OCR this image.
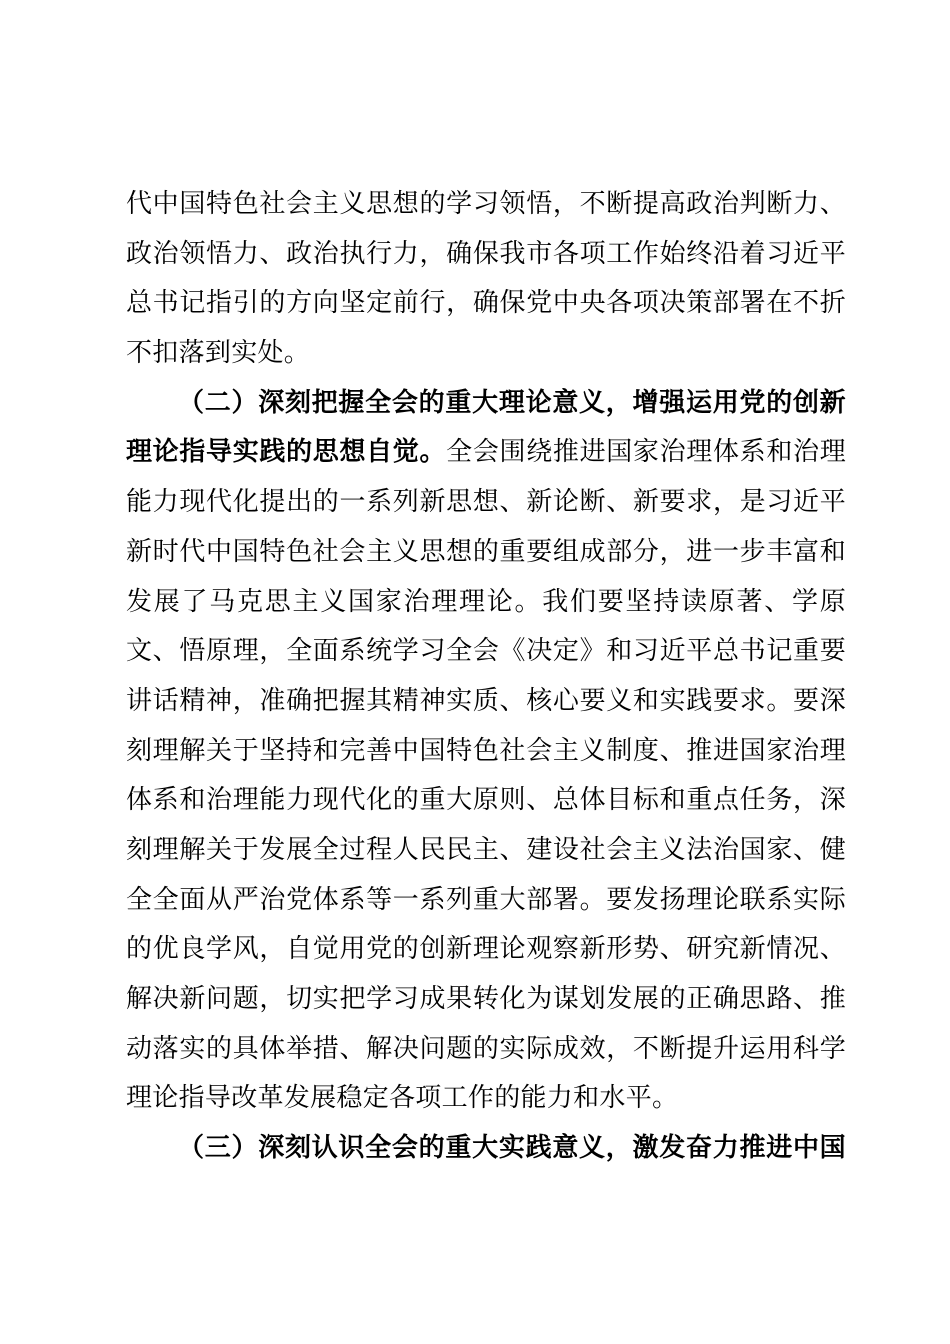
代中国特色社会主义思想的学习领悟，不断提高政治判断力、
政治领悟力、政治执行力，确保我市各项工作始终沿着习近平
总书记指引的方向坚定前行，确保党中央各项决策部署在不折
不扣落到实处。
（二）深刻把握全会的重大理论意义，增强运用党的创新
理论指导实践的思想自觉。全会围绕推进国家治理体系和治理
能力现代化提出的一系列新思想、新论断、新要求，是习近平
新时代中国特色社会主义思想的重要组成部分，进一步丰富和
发展了马克思主义国家治理理论。我们要坚持读原著、学原
文、悟原理，全面系统学习全会《决定》和习近平总书记重要
讲话精神，准确把握其精神实质、核心要义和实践要求。要深
刻理解关于坚持和完善中国特色社会主义制度、推进国家治理
体系和治理能力现代化的重大原则、总体目标和重点任务，深
刻理解关于发展全过程人民民主、建设社会主义法治国家、健
全全面从严治党体系等一系列重大部署。要发扬理论联系实际
的优良学风，自觉用党的创新理论观察新形势、研究新情况、
解决新问题，切实把学习成果转化为谋划发展的正确思路、推
动落实的具体举措、解决问题的实际成效，不断提升运用科学
理论指导改革发展稳定各项工作的能力和水平。
（三）深刻认识全会的重大实践意义，激发奋力推进中国
